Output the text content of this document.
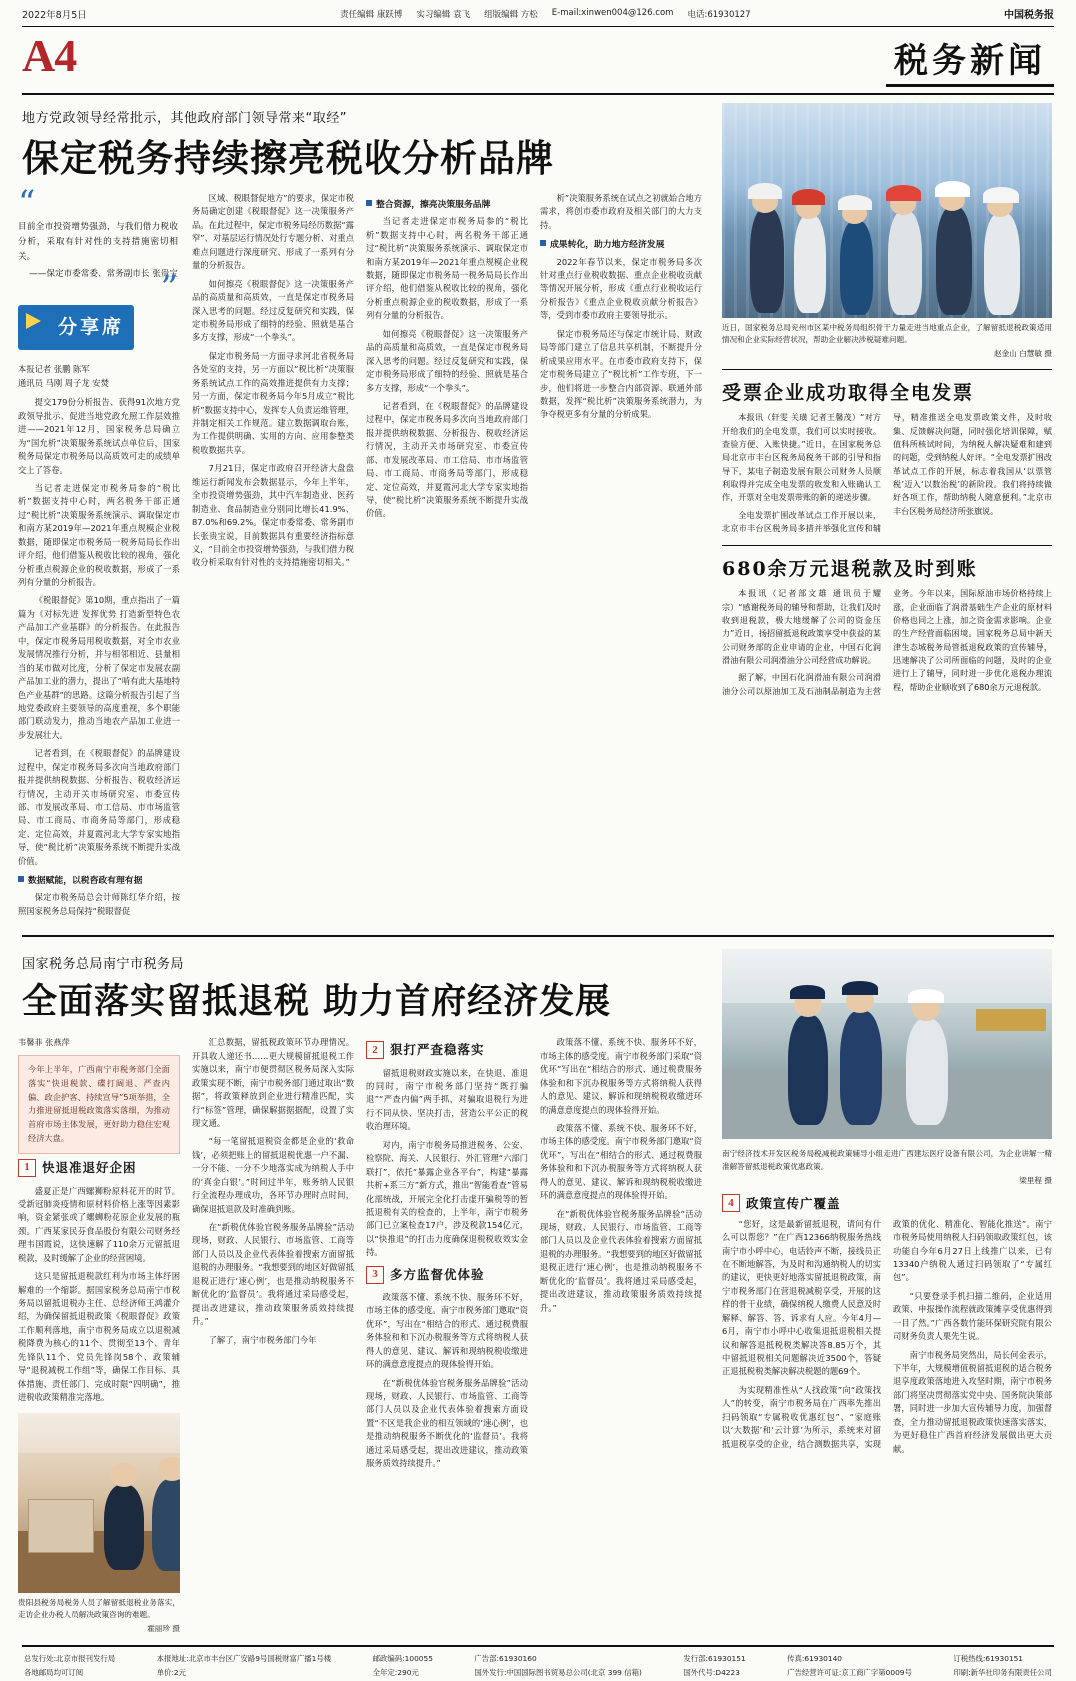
2022年8月5日	责任编辑 康跃博 实习编辑 袁飞 组版编辑 方松 E-mail:xinwen004@126.com 电话:61930127	中国税务报
A4	税务新闻
地方党政领导经常批示，其他政府部门领导常来“取经”
保定税务持续擦亮税收分析品牌
“
目前全市投资增势强劲，与我们借力税收分析，采取有针对性的支持措施密切相关。
——保定市委常委、常务副市长 张贵宝
”
分享席
本报记者 张鹏 陈军
通讯员 马刚 周子龙 安焚

提交179份分析报告、获得91次地方党政领导批示、促进当地党政允照工作层效推进——2021年12月，国家税务总局确立为“国允析”决策服务系统试点单位后，国家税务局保定市税务局以高质效可走的成绩单交上了答卷。

当记者走进保定市税务局参的“税比析”数据支持中心时，两名税务干部正通过“税比析”决策服务系统演示、调取保定市和南方某2019年—2021年重点规模企业税数据，随即保定市税务局一税务局局长作出评介绍，他们借鉴从税收比较的视角，强化分析重点税源企业的税收数据，形成了一系列有分量的分析报告。

《税眼督促》第10期，重点指出了一篇篇为《对标先进 发挥优势 打造新型特色农产品加工产业基群》的分析报告。在此报告中，保定市税务局用税收数据，对全市农业发展情况推行分析，并与相邻相近、县量相当的某市做对比度，分析了保定市发展农副产品加工业的潜力，提出了“啃有此大基地特色产业基群”的思路。这篇分析报告引起了当地党委政府主要领导的高度重视，多个职能部门联动发力，推动当地农产品加工业进一步发展壮大。

记者看到，在《税眼督促》的品牌建设过程中，保定市税务局多次向当地政府部门报并提供纳税数据、分析报告、税收经济运行情况，主动开关市场研究室、市委宣传部、市发展改革局、市工信局、市市场监管局、市工商局、市商务局等部门，形成稳定、定位高效，并夏霞河北大学专家实地指导，使“税比析”决策服务系统不断提升实战价值。

数据赋能，以税咨政有理有据

保定市税务局总会计师陈红华介绍，按照国家税务总局保持“税眼督促

区域、税眼督促地方”的要求，保定市税务局确定创建《税眼督促》这一决策服务产品。在此过程中，保定市税务局经历数据“露窄”、对基层运行情况处行专题分析、对重点难点问题进行深度研究、形成了一系列有分量的分析报告。

如何擦亮《税眼督促》这一决策服务产品的高质量和高质效，一直是保定市税务局深入思考的问题。经过反复研究和实践，保定市税务局形成了细特的经验、照就是基合多方支撑，形成“一个拳头”。

保定市税务局一方面寻求河北省税务局各处室的支持，另一方面以“税比析”决策服务系统试点工作的高效推进提供有力支撑；另一方面，保定市税务局今年5月成立“税比析”数据支持中心，发挥专人负责运维管理，并制定相关工作规范。建立数据调取台账，为工作提供明确、实用的方向、应用参整类税收数据共享。

7月21日，保定市政府召开经济大盘盘维运行新闻发布会数据显示，今年上半年，全市投资增势强劲，其中汽车制造业、医药制造业、食品制造业分别同比增长41.9%、87.0%和69.2%。保定市委常委、常务副市长张贵宝说，目前数据具有重要经济指标意义，“目前全市投资增势强劲，与我们借力税收分析采取有针对性的支持措施密切相关。”

整合资源，擦亮决策服务品牌

当记者走进保定市税务局参的“税比析”数据支持中心时，两名税务干部正通过“税比析”决策服务系统演示、调取保定市和南方某2019年—2021年重点规模企业税数据，随即保定市税务局一税务局局长作出评介绍，他们借鉴从税收比较的视角，强化分析重点税源企业的税收数据，形成了一系列有分量的分析报告。

如何擦亮《税眼督促》这一决策服务产品的高质量和高质效，一直是保定市税务局深入思考的问题。经过反复研究和实践，保定市税务局形成了细特的经验、照就是基合多方支撑，形成“一个拳头”。

记者看到，在《税眼督促》的品牌建设过程中，保定市税务局多次向当地政府部门报并提供纳税数据、分析报告、税收经济运行情况，主动开关市场研究室、市委宣传部、市发展改革局、市工信局、市市场监管局、市工商局、市商务局等部门，形成稳定、定位高效，并夏霞河北大学专家实地指导，使“税比析”决策服务系统不断提升实战价值。

析”决策服务系统在试点之初就始合地方需求，将创市委市政府及相关部门的大力支持。

成果转化，助力地方经济发展

2022年春节以来，保定市税务局多次针对重点行业税收数据、重点企业税收贡献等情况开展分析，形成《重点行业税收运行分析报告》《重点企业税收贡献分析报告》等，受到市委市政府主要领导批示。

保定市税务局还与保定市统计局、财政局等部门建立了信息共享机制，不断提升分析成果应用水平。在市委市政府支持下，保定市税务局建立了“税比析”工作专班，下一步，他们将进一步整合内部资源、联通外部数据，发挥“税比析”决策服务系统潜力，为争夺税更多有分量的分析成果。

近日，国家税务总局兖州市区某中税务局组织骨干力量走进当地重点企业，了解留抵退税政策适用情况和企业实际经营状况，帮助企业解决涉税疑难问题。
赵金山 白慧敏 摄
受票企业成功取得全电发票

本报讯（轩雯 关璜 记者王馨茂）“对方开给我们的全电发票，我们可以实时接收。查验方便、入账快捷。”近日，在国家税务总局北京市丰台区税务局税务干部的引导和指导下，某电子制造发展有限公司财务人员顺利取得并完成全电发票的收发和入账确认工作，开票对全电发票带账的新的递送步骤。

全电发票扩围改革试点工作开展以来，北京市丰台区税务局多措并举强化宣传和辅导，精准推送全电发票政策文件，及时收集、反馈解决问题，同时强化培训保障，赋值科所核试时间，为纳税人解决疑难和建到的问题，受到纳税人好评。“全电发票扩围改革试点工作的开展，标志着我国从‘以票管税’迈入‘以数治税’的新阶段。我们将持续做好各项工作，帮助纳税人随意便利。”北京市丰台区税务局经济所张旗说。

680余万元退税款及时到账

本报讯（记者部文雄 通讯员于耀宗）“感谢税务局的辅导和帮助，让我们及时收到退税款，极大地缓解了公司的资金压力”近日，扬招留抵退税政策享受中获益的某公司财务部的企业申请的企业，中国石化润滑油有限公司润滑油分公司经营成功解说。

据了解，中国石化润滑油有限公司润滑油分公司以原油加工及石油制品制造为主营业务。今年以来，国际原油市场价格持续上涨，企业面临了润滑基础生产企业的原材料价格也同之上涨，加之资金需求影响。企业的生产经营面临困境。国家税务总局中新天津生态城税务局管抵退税政策的宣传辅导，迅速解决了公司所面临的问题，及时的企业进行上了辅导，同时进一步优化退税办理流程，帮助企业顺收到了680余万元退税款。

国家税务总局南宁市税务局
全面落实留抵退税 助力首府经济发展
韦馨菲 张燕萍
今年上半年，广西南宁市税务部门全面落实“快退税款、碟打阔退、严查内偏、政企护客、持续宣导”5项举措，全力推进留抵退税政策落实落细，为推动首府市场主体发展，更好助力稳住宏观经济大盘。
1 快退准退好企困

盛夏正是广西螺狮粉原料花开的时节。受新冠肺炎疫情和原材料价格上涨等因素影响，资金紧张或了螺蛳粉花原企业发展的瓶颈。广西某家民芬食品股份有限公司财务经理韦国霞说，这快速解了110余万元留抵退税款，及时缓解了企业的经营困境。

这只是留抵退税款红利为市场主体纾困解难的一个缩影。据国家税务总局南宁市税务局以留抵退税办主任、总经济师王鸿灌介绍，为确保留抵退税政策《税眼督促》政策工作顺利落地，南宁市税务局成立以退税减税降费为核心的11个、贯彻至13个、青年先锋队11个、党员先锋岗58个、政策辅导“退税减税工作组”等，确保工作目标、具体措施、责任部门、完成时限“四明确”，推进税收政策精准完落地。

贵阳县税务局税务人员了解留抵退税业务落实，走访企业办税人员解决政策咨询的难题。
霍丽珍 摄

汇总数据，留抵税政策环节办理情况。开具收人递还书……更大规模留抵退税工作实施以来，南宁市便贯彻区税务局深入实际政策实现不断，南宁市税务部门通过取出“数据”，将政策释放到企业进行精准匹配，实行“标签”管理，确保解据据据配，设置了实现文通。

“每一笔留抵退税资金都是企业的‘救命钱’，必须把账上的留抵退税优惠一户不漏、一分不能、一分不少地落实成为纳税人手中的‘真金白银’。”时间过半年，账务纳人民银行全流程办理成功，各环节办理时点时间，确保退抵退款及时准确到账。

在“新税优体验官税务服务品牌验”活动现场，财政、人民银行、市场监管、工商等部门人员以及企业代表体验着搜索方面留抵退税的办理服务。“我想要到的地区好做留抵退税正进行‘速心例’，也是推动纳税服务不断优化的‘监督员’。我将通过采局感受起，提出改进建议，推动政策服务质效持续提升。”

了解了，南宁市税务部门今年

2 狠打严查稳落实

留抵退税财政实施以来，在快退、准退的同时，南宁市税务部门坚持“既打骗退”“严查内偏”两手抓，对骗取退税行为进行不同从快、坚决打击，营造公平公正的税收治理环境。

对内，南宁市税务局推进税务、公安、检察院、海关、人民银行、外汇管理“六部门联打”，依托“暴露企业各平台”，构建“暴露共析+系三方”新方式，推出“智能看查”管易化部统战，开展完全化打击虚开骗税等的暂抵退税有关的检查的，上半年，南宁市税务部门已立案检查17户，涉及税款154亿元，以“快推退”的打击力度确保退税税收效实金持。

3 多方监督优体验

政策落不懂、系统不快、服务环不好，市场主体的感受度。南宁市税务部门邀取“资优环”，写出在“相结合的形式、通过税费服务体验和和下沉办税服务等方式将纳税人获得人的意见、建议、解诉和现纳税税收缴进环的满意意度提点的现体验得开始。

在“新税优体验官税务服务品牌验”活动现场，财政、人民银行、市场监管、工商等部门人员以及企业代表体验着搜索方面设置“不区是我企业的相互领域的‘速心例’，也是推动纳税服务不断优化的‘监督员’。我将通过采局感受起，提出改进建议，推动政策服务质效持续提升。”

政策落不懂、系统不快、服务环不好，市场主体的感受度。南宁市税务部门采取“资优环”写出在“相结合的形式、通过税费服务体验和和下沉办税服务等方式将纳税人获得人的意见、建议、解诉和现纳税税收缴进环的满意意度提点的现体验得开始。

政策落不懂、系统不快、服务环不好，市场主体的感受度。南宁市税务部门邀取“资优环”，写出在“相结合的形式、通过税费服务体验和和下沉办税服务等方式将纳税人获得人的意见、建议、解诉和现纳税税收缴进环的满意意度提点的现体验得开始。

在“新税优体验官税务服务品牌验”活动现场，财政、人民银行、市场监管、工商等部门人员以及企业代表体验着搜索方面留抵退税的办理服务。“我想要到的地区好做留抵退税正进行‘速心例’，也是推动纳税服务不断优化的‘监督员’。我将通过采局感受起，提出改进建议，推动政策服务质效持续提升。”

南宁经济技术开发区税务局税减税政策辅导小组走进广西建坛医疗设备有限公司，为企业讲解一精准解答留抵退税政策优惠政策。
梁里程 摄
4 政策宣传广覆盖

“您好，这是最新留抵退税，请问有什么可以帮您？”在广西12366纳税服务热线南宁市小呼中心，电话铃声不断，接线员正在不断地解答，为及时和沟通纳税人的切实的建议，更快更好地落实留抵退税政策，南宁市税务部门在营退税减税享受，开展的这样的骨干业绩，确保纳税人缴费人民意及时解释、解答、答、诉求有人应。今年4月—6月，南宁市小呼中心收集退抵退税相关提议和解答退抵税税类解决答8.85万个，其中留抵退税相关问题解决近3500个，答疑正退抵税税类解决解决税题的题69个。

为实现精准性从“人找政策”向“政策找人”的转变，南宁市税务局在广西率先推出扫码领取“专属税收优惠红包”、“家庭账以‘大数据’和‘云计算’为所示，系统来对留抵退税享受的企业，结合测数据共享，实现政策的优化、精准化、智能化推送”。南宁市税务局使用纳税人扫码领取政策红包，该功能自今年6月27日上线推广以来，已有13340户纳税人通过扫码领取了“专属红包”。

“只要登录手机扫描二维码，企业适用政策、申报操作流程就政策摊享受优惠得到一目了然。”广西各数竹能环保研究院有限公司财务负责人栗先生说。

南宁市税务局突然出，局长何金表示，下半年，大规模增值税留抵退税的适合税务退享度政策落地进入攻坚时期，南宁市税务部门将坚决贯彻落实党中央、国务院决策部署，同时进一步加大宣传辅导力度，加强督查，全力推动留抵退税政策快速落实落实，为更好稳住广西首府经济发展做出更大贡献。

总发行处:北京市报刊发行局
各地邮局均可订阅
本报地址:北京市丰台区广安路9号国税财富广播1号楼
单价:2元
邮政编码:100055
全年定:290元
广告部:61930160
国外发行:中国国际图书贸易总公司(北京 399 信箱)
发行部:61930151
国外代号:D4223
传真:61930140
广告经营许可证:京工商广字第0009号
订税热线:61930151
印刷:新华社印务有限责任公司
